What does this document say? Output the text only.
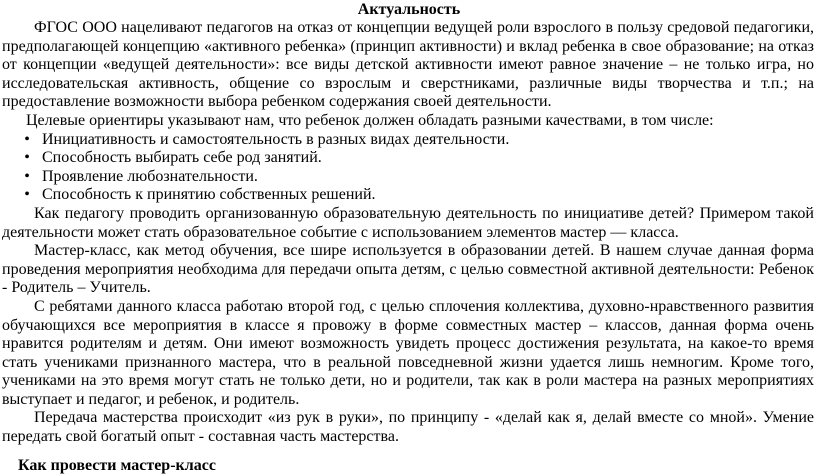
Актуальность

ФГОС ООО нацеливают педагогов на отказ от концепции ведущей роли взрослого в пользу средовой педагогики, предполагающей концепцию «активного ребенка» (принцип активности) и вклад ребенка в свое образование; на отказ от концепции «ведущей деятельности»: все виды детской активности имеют равное значение – не только игра, но исследовательская активность, общение со взрослым и сверстниками, различные виды творчества и т.п.; на предоставление возможности выбора ребенком содержания своей деятельности.

Целевые ориентиры указывают нам, что ребенок должен обладать разными качествами, в том числе:

• Инициативность и самостоятельность в разных видах деятельности.
• Способность выбирать себе род занятий.
• Проявление любознательности.
• Способность к принятию собственных решений.

Как педагогу проводить организованную образовательную деятельность по инициативе детей? Примером такой деятельности может стать образовательное событие с использованием элементов мастер — класса.

Мастер-класс, как метод обучения, все шире используется в образовании детей. В нашем случае данная форма проведения мероприятия необходима для передачи опыта детям, с целью совместной активной деятельности: Ребенок - Родитель – Учитель.

С ребятами данного класса работаю второй год, с целью сплочения коллектива, духовно-нравственного развития обучающихся все мероприятия в классе я провожу в форме совместных мастер – классов, данная форма очень нравится родителям и детям. Они имеют возможность увидеть процесс достижения результата, на какое-то время стать учениками признанного мастера, что в реальной повседневной жизни удается лишь немногим. Кроме того, учениками на это время могут стать не только дети, но и родители, так как в роли мастера на разных мероприятиях выступает и педагог, и ребенок, и родитель.

Передача мастерства происходит «из рук в руки», по принципу - «делай как я, делай вместе со мной». Умение передать свой богатый опыт - составная часть мастерства.

Как провести мастер-класс
